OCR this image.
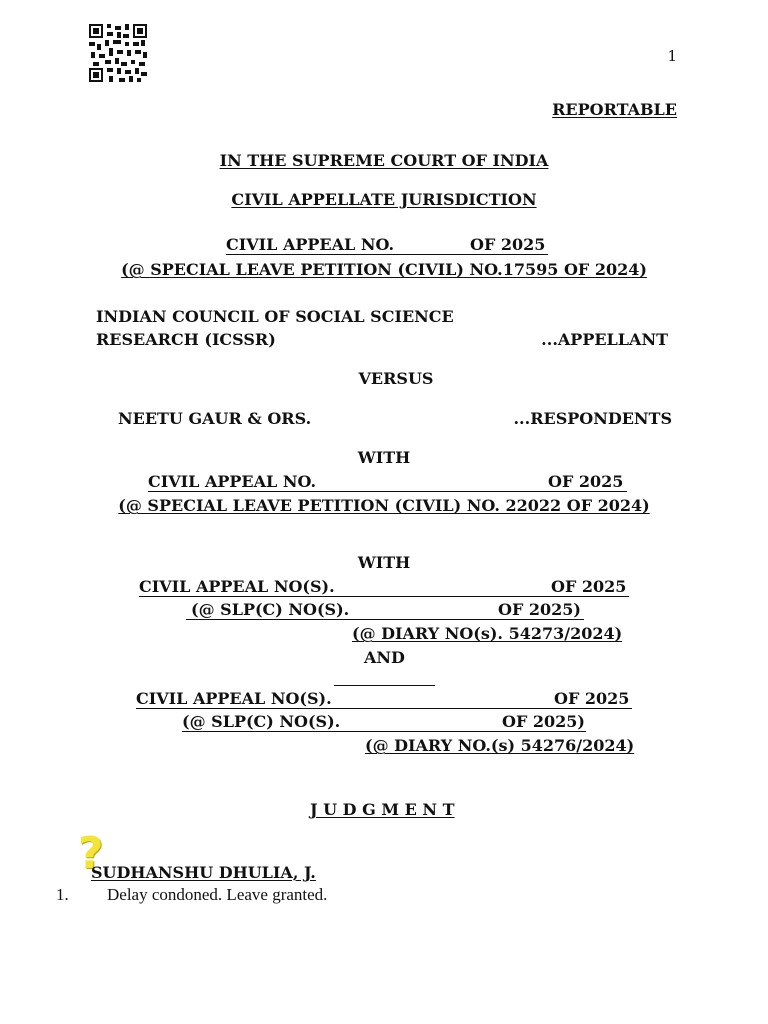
1
REPORTABLE
IN THE SUPREME COURT OF INDIA
CIVIL APPELLATE JURISDICTION
CIVIL APPEAL NO.	OF 2025
(@ SPECIAL LEAVE PETITION (CIVIL) NO.17595 OF 2024)
INDIAN COUNCIL OF SOCIAL SCIENCE
RESEARCH (ICSSR)	...APPELLANT
VERSUS
NEETU GAUR & ORS.	...RESPONDENTS
WITH
CIVIL APPEAL NO.	OF 2025
(@ SPECIAL LEAVE PETITION (CIVIL) NO. 22022 OF 2024)
WITH
CIVIL APPEAL NO(S).	OF 2025
(@ SLP(C) NO(S).	OF 2025)
(@ DIARY NO(s). 54273/2024)
AND
CIVIL APPEAL NO(S).	OF 2025
(@ SLP(C) NO(S).	OF 2025)
(@ DIARY NO.(s) 54276/2024)
J U D G M E N T
?
SUDHANSHU DHULIA, J.
1. Delay condoned. Leave granted.
